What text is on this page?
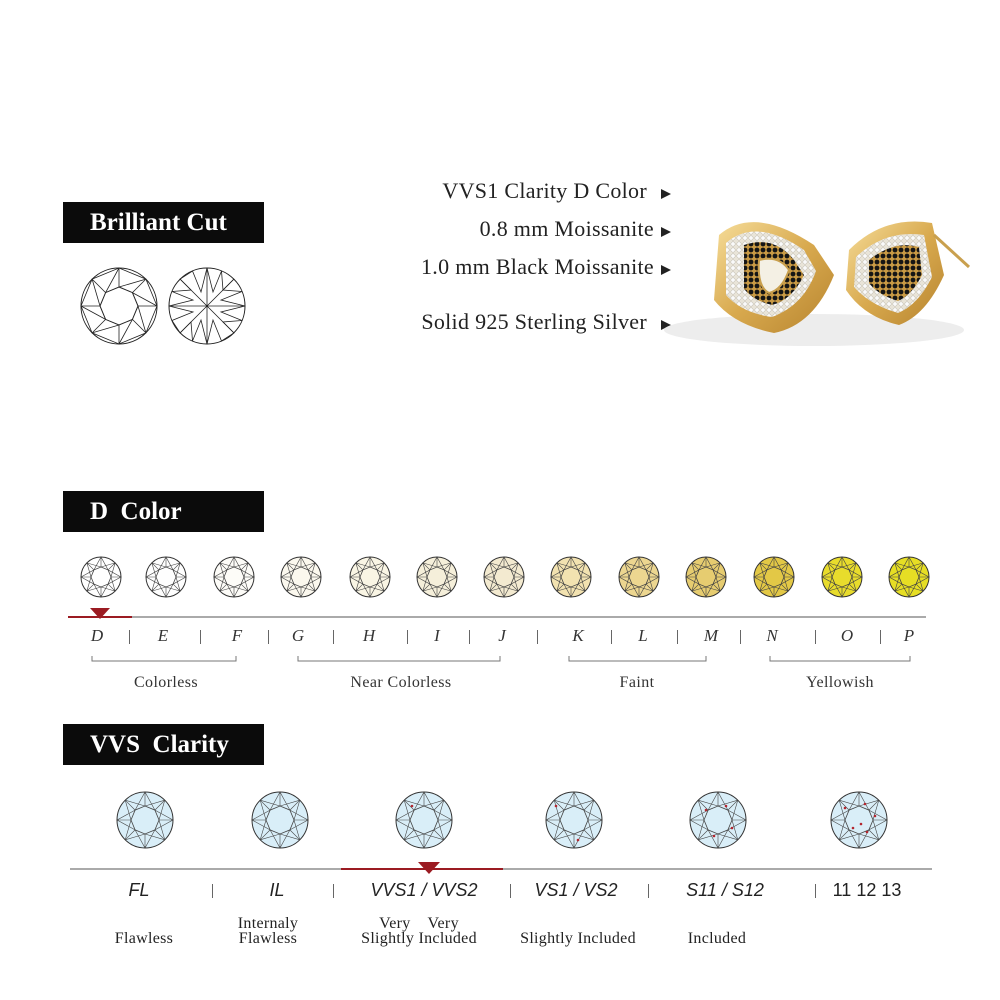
Brilliant Cut
VVS1 Clarity D Color
0.8 mm Moissanite
1.0 mm Black Moissanite
Solid 925 Sterling Silver
D  Color
D	E	F	G	H	I	J	K	L	M	N	O	P
Colorless	Near Colorless	Faint	Yellowish
VVS  Clarity
FL	IL	VVS1 / VVS2	VS1 / VS2	S11 / S12	11 12 13
Flawless
Internaly
Flawless
Very    Very
Slightly Included	Slightly Included	Included
